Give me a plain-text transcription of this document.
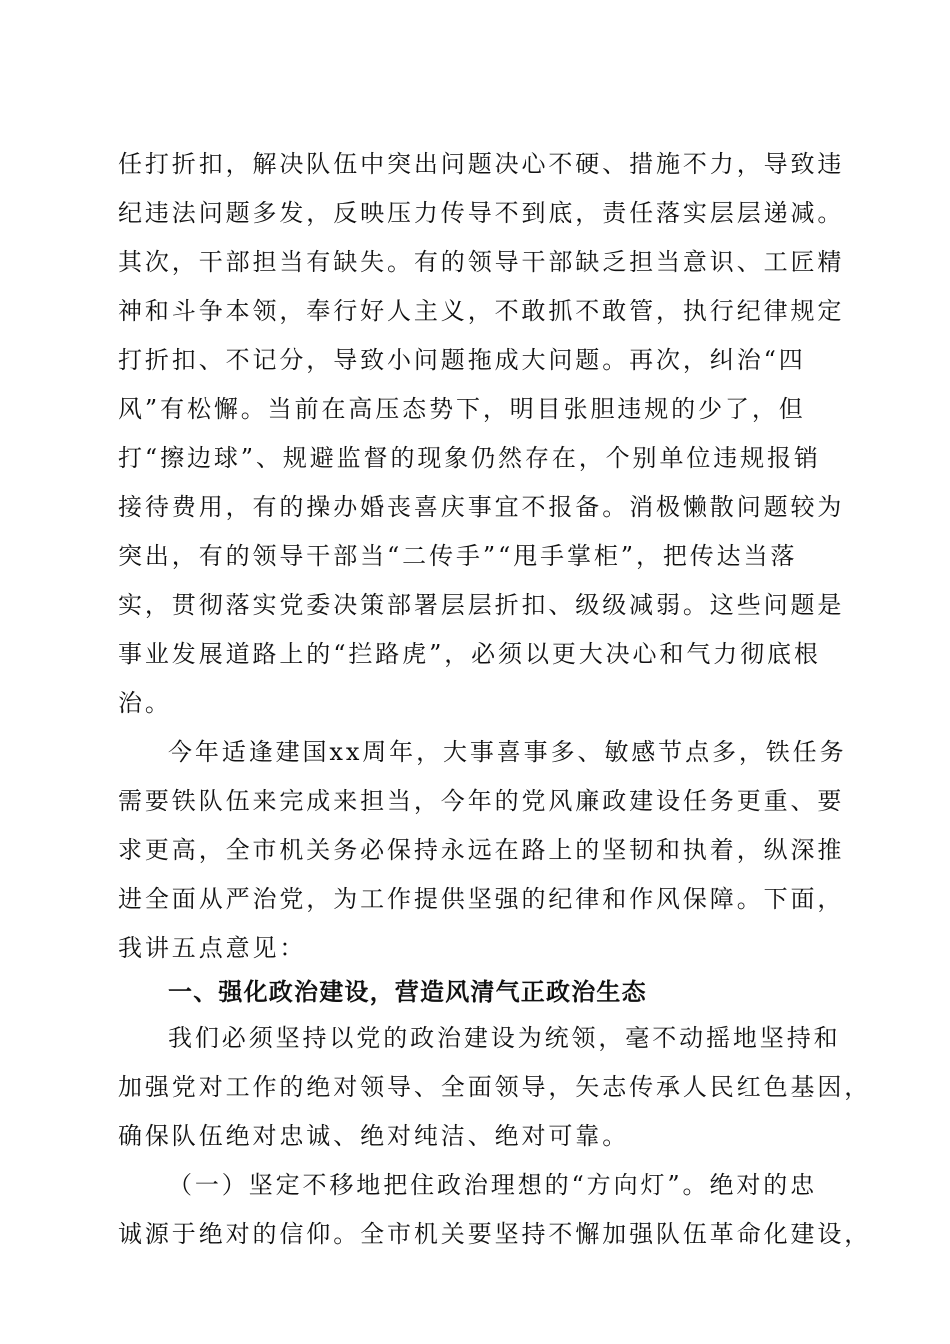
任打折扣，解决队伍中突出问题决心不硬、措施不力，导致违
纪违法问题多发，反映压力传导不到底，责任落实层层递减。
其次，干部担当有缺失。有的领导干部缺乏担当意识、工匠精
神和斗争本领，奉行好人主义，不敢抓不敢管，执行纪律规定
打折扣、不记分，导致小问题拖成大问题。再次，纠治“四
风”有松懈。当前在高压态势下，明目张胆违规的少了，但
打“擦边球”、规避监督的现象仍然存在，个别单位违规报销
接待费用，有的操办婚丧喜庆事宜不报备。消极懒散问题较为
突出，有的领导干部当“二传手”“甩手掌柜”，把传达当落
实，贯彻落实党委决策部署层层折扣、级级减弱。这些问题是
事业发展道路上的“拦路虎”，必须以更大决心和气力彻底根
治。
今年适逢建国xx周年，大事喜事多、敏感节点多，铁任务
需要铁队伍来完成来担当，今年的党风廉政建设任务更重、要
求更高，全市机关务必保持永远在路上的坚韧和执着，纵深推
进全面从严治党，为工作提供坚强的纪律和作风保障。下面，
我讲五点意见：
一、强化政治建设，营造风清气正政治生态
我们必须坚持以党的政治建设为统领，毫不动摇地坚持和
加强党对工作的绝对领导、全面领导，矢志传承人民红色基因，
确保队伍绝对忠诚、绝对纯洁、绝对可靠。
（一）坚定不移地把住政治理想的“方向灯”。绝对的忠
诚源于绝对的信仰。全市机关要坚持不懈加强队伍革命化建设，
